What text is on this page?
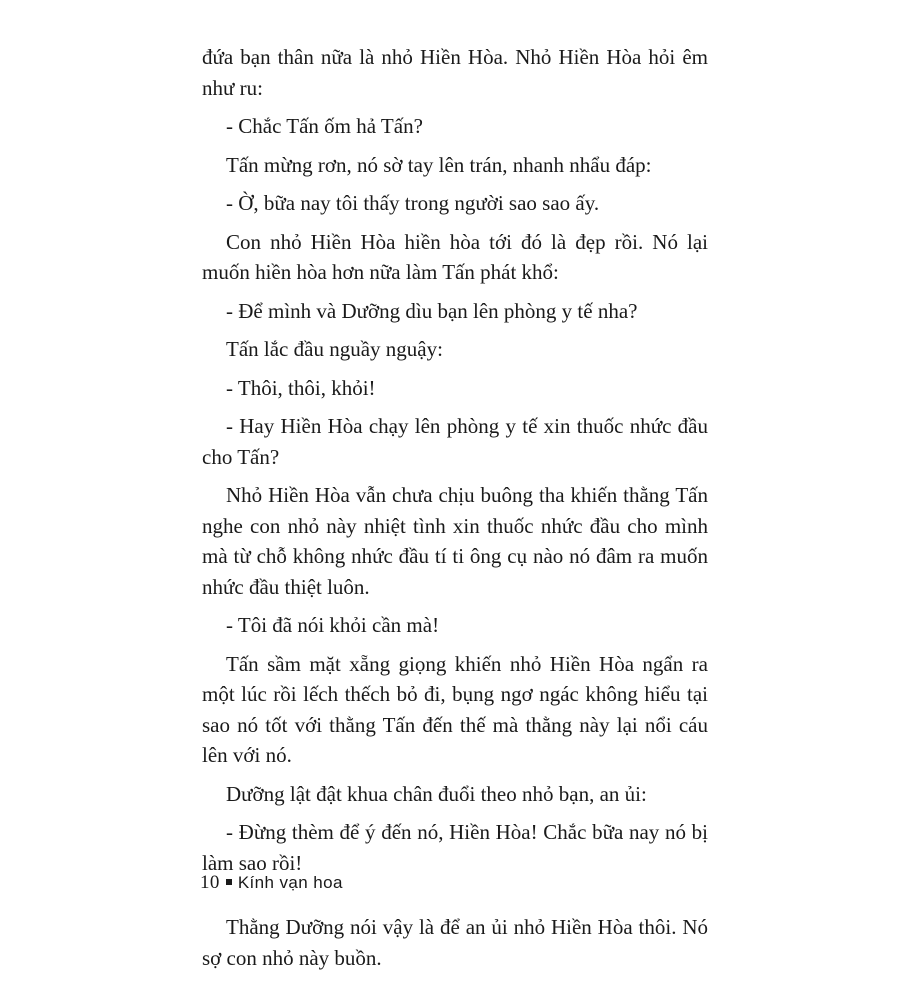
đứa bạn thân nữa là nhỏ Hiền Hòa. Nhỏ Hiền Hòa hỏi êm như ru:

- Chắc Tấn ốm hả Tấn?

Tấn mừng rơn, nó sờ tay lên trán, nhanh nhẩu đáp:

- Ờ, bữa nay tôi thấy trong người sao sao ấy.

Con nhỏ Hiền Hòa hiền hòa tới đó là đẹp rồi. Nó lại muốn hiền hòa hơn nữa làm Tấn phát khổ:

- Để mình và Dưỡng dìu bạn lên phòng y tế nha?

Tấn lắc đầu nguầy nguậy:

- Thôi, thôi, khỏi!

- Hay Hiền Hòa chạy lên phòng y tế xin thuốc nhức đầu cho Tấn?

Nhỏ Hiền Hòa vẫn chưa chịu buông tha khiến thằng Tấn nghe con nhỏ này nhiệt tình xin thuốc nhức đầu cho mình mà từ chỗ không nhức đầu tí ti ông cụ nào nó đâm ra muốn nhức đầu thiệt luôn.

- Tôi đã nói khỏi cần mà!

Tấn sầm mặt xẵng giọng khiến nhỏ Hiền Hòa ngẩn ra một lúc rồi lếch thếch bỏ đi, bụng ngơ ngác không hiểu tại sao nó tốt với thằng Tấn đến thế mà thằng này lại nổi cáu lên với nó.

Dưỡng lật đật khua chân đuổi theo nhỏ bạn, an ủi:

- Đừng thèm để ý đến nó, Hiền Hòa! Chắc bữa nay nó bị làm sao rồi!

Thằng Dưỡng nói vậy là để an ủi nhỏ Hiền Hòa thôi. Nó sợ con nhỏ này buồn.

10 Kính vạn hoa
